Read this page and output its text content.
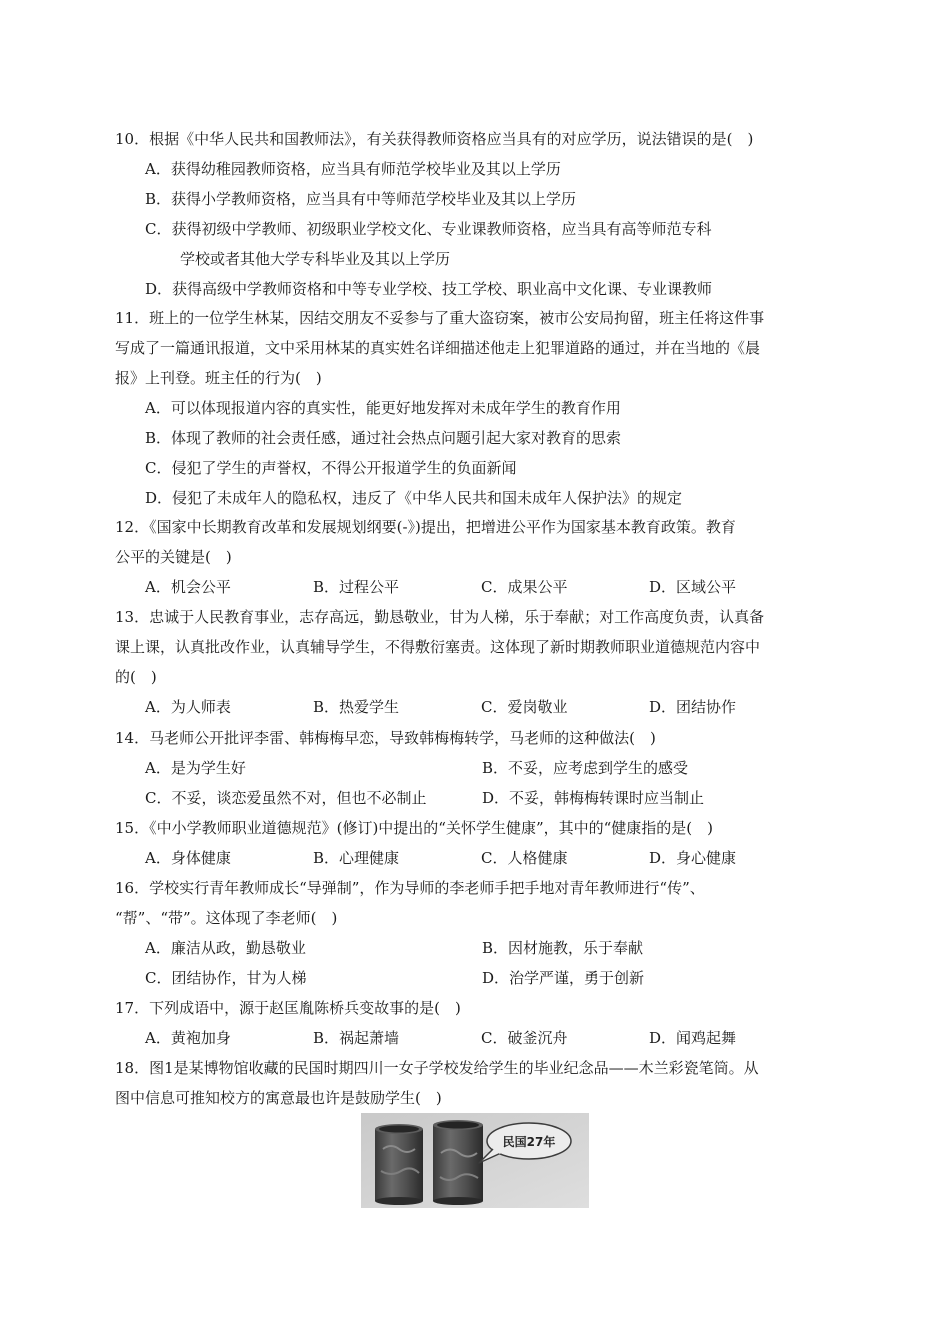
10．根据《中华人民共和国教师法》，有关获得教师资格应当具有的对应学历，说法错误的是(　)
A．获得幼稚园教师资格，应当具有师范学校毕业及其以上学历
B．获得小学教师资格，应当具有中等师范学校毕业及其以上学历
C．获得初级中学教师、初级职业学校文化、专业课教师资格，应当具有高等师范专科
学校或者其他大学专科毕业及其以上学历
D．获得高级中学教师资格和中等专业学校、技工学校、职业高中文化课、专业课教师
11．班上的一位学生林某，因结交朋友不妥参与了重大盗窃案，被市公安局拘留，班主任将这件事
写成了一篇通讯报道，文中采用林某的真实姓名详细描述他走上犯罪道路的通过，并在当地的《晨
报》上刊登。班主任的行为(　)
A．可以体现报道内容的真实性，能更好地发挥对未成年学生的教育作用
B．体现了教师的社会责任感，通过社会热点问题引起大家对教育的思索
C．侵犯了学生的声誉权，不得公开报道学生的负面新闻
D．侵犯了未成年人的隐私权，违反了《中华人民共和国未成年人保护法》的规定
12．《国家中长期教育改革和发展规划纲要(-》)提出，把增进公平作为国家基本教育政策。教育
公平的关键是(　)
A．机会公平	B．过程公平	C．成果公平	D．区域公平
13．忠诚于人民教育事业，志存高远，勤恳敬业，甘为人梯，乐于奉献；对工作高度负责，认真备
课上课，认真批改作业，认真辅导学生，不得敷衍塞责。这体现了新时期教师职业道德规范内容中
的(　)
A．为人师表	B．热爱学生	C．爱岗敬业	D．团结协作
14．马老师公开批评李雷、韩梅梅早恋，导致韩梅梅转学，马老师的这种做法(　)
A．是为学生好	B．不妥，应考虑到学生的感受
C．不妥，谈恋爱虽然不对，但也不必制止	D．不妥，韩梅梅转课时应当制止
15．《中小学教师职业道德规范》(修订)中提出的“关怀学生健康”，其中的“健康指的是(　)
A．身体健康	B．心理健康	C．人格健康	D．身心健康
16．学校实行青年教师成长“导弹制”，作为导师的李老师手把手地对青年教师进行“传”、
“帮”、“带”。这体现了李老师(　)
A．廉洁从政，勤恳敬业	B．因材施教，乐于奉献
C．团结协作，甘为人梯	D．治学严谨，勇于创新
17．下列成语中，源于赵匡胤陈桥兵变故事的是(　)
A．黄袍加身	B．祸起萧墙	C．破釜沉舟	D．闻鸡起舞
18．图1是某博物馆收藏的民国时期四川一女子学校发给学生的毕业纪念品——木兰彩瓷笔筒。从
图中信息可推知校方的寓意最也许是鼓励学生(　)
民国27年
